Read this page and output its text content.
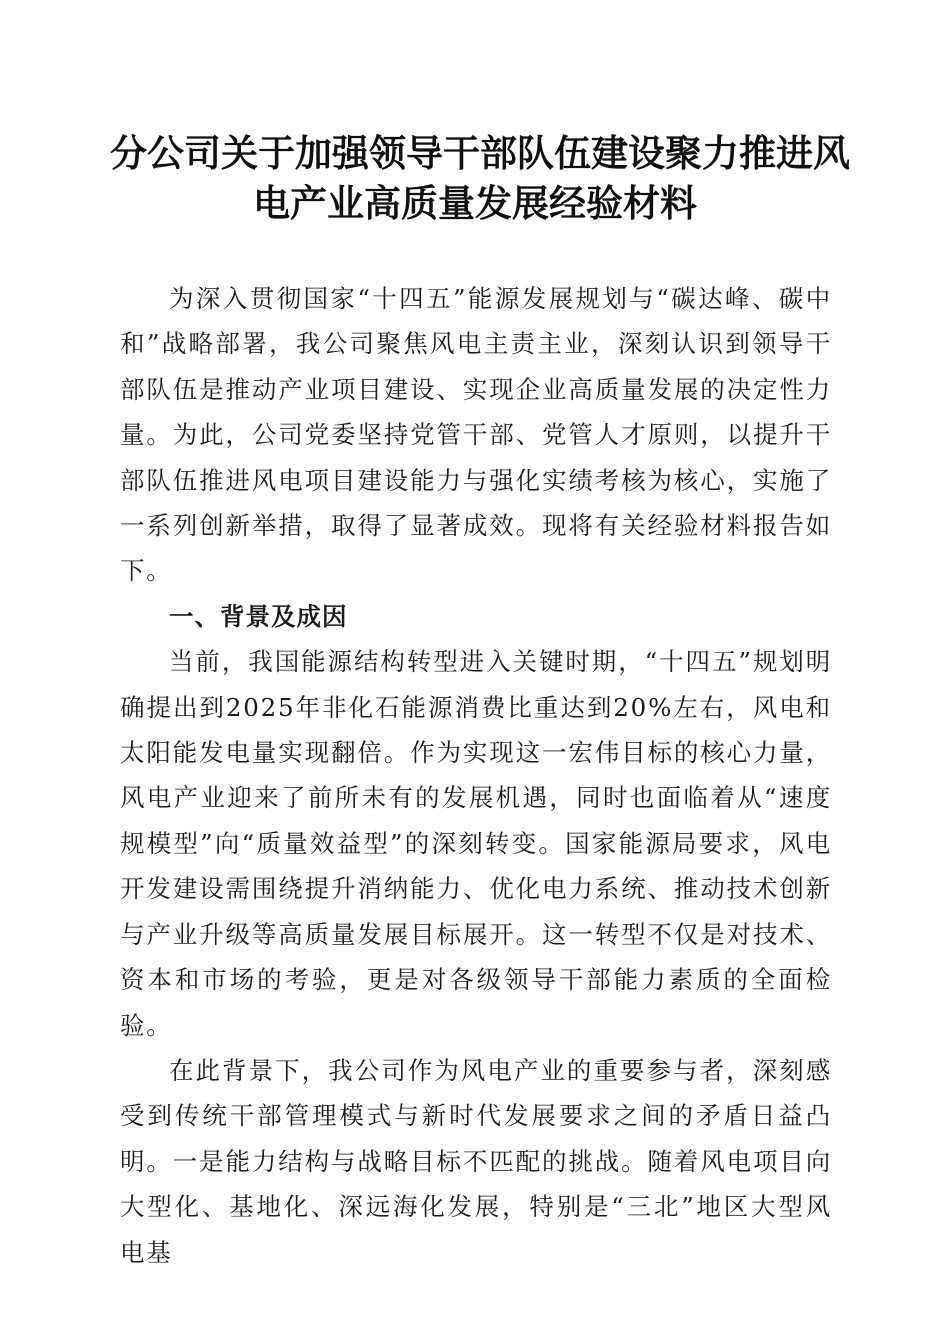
分公司关于加强领导干部队伍建设聚力推进风
电产业高质量发展经验材料

为深入贯彻国家“十四五”能源发展规划与“碳达峰、碳中和”战略部署，我公司聚焦风电主责主业，深刻认识到领导干部队伍是推动产业项目建设、实现企业高质量发展的决定性力量。为此，公司党委坚持党管干部、党管人才原则，以提升干部队伍推进风电项目建设能力与强化实绩考核为核心，实施了一系列创新举措，取得了显著成效。现将有关经验材料报告如下。

一、背景及成因

当前，我国能源结构转型进入关键时期，“十四五”规划明确提出到2025年非化石能源消费比重达到20%左右，风电和太阳能发电量实现翻倍。作为实现这一宏伟目标的核心力量，风电产业迎来了前所未有的发展机遇，同时也面临着从“速度规模型”向“质量效益型”的深刻转变。国家能源局要求，风电开发建设需围绕提升消纳能力、优化电力系统、推动技术创新与产业升级等高质量发展目标展开。这一转型不仅是对技术、资本和市场的考验，更是对各级领导干部能力素质的全面检验。

在此背景下，我公司作为风电产业的重要参与者，深刻感受到传统干部管理模式与新时代发展要求之间的矛盾日益凸明。一是能力结构与战略目标不匹配的挑战。随着风电项目向大型化、基地化、深远海化发展，特别是“三北”地区大型风电基
